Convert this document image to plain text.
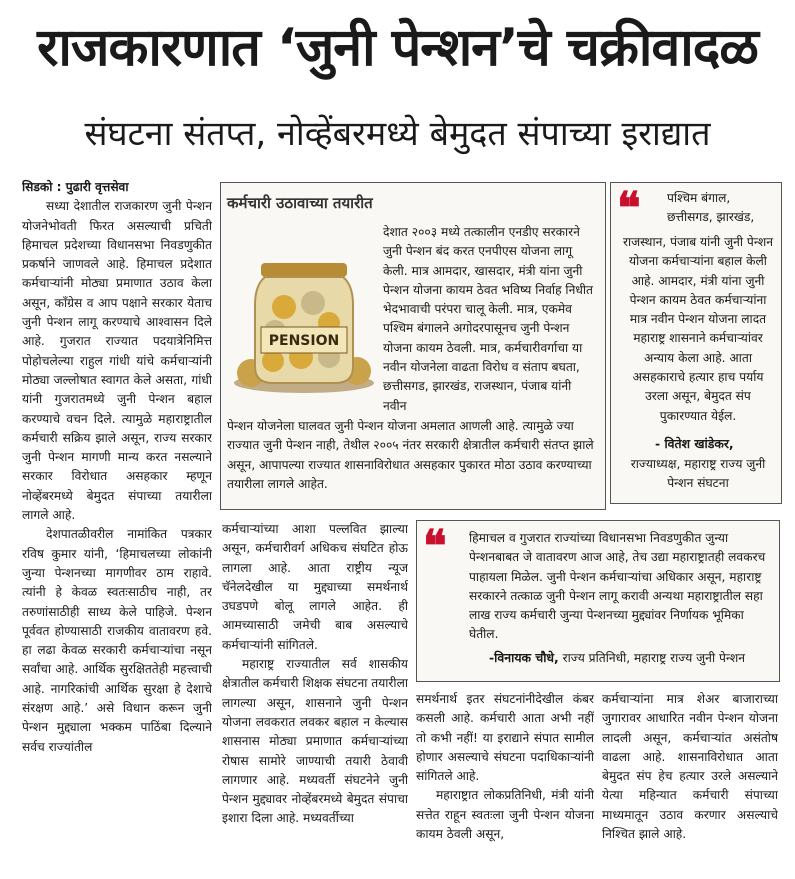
राजकारणात ‘जुनी पेन्शन’चे चक्रीवादळ
संघटना संतप्त, नोव्हेंबरमध्ये बेमुदत संपाच्या इराद्यात

सिडको : पुढारी वृत्तसेवा

सध्या देशातील राजकारण जुनी पेन्शन योजनेभोवती फिरत असल्याची प्रचिती हिमाचल प्रदेशच्या विधानसभा निवडणुकीत प्रकर्षाने जाणवले आहे. हिमाचल प्रदेशात कर्मचाऱ्यांनी मोठ्या प्रमाणात उठाव केला असून, काँग्रेस व आप पक्षाने सरकार येताच जुनी पेन्शन लागू करण्याचे आश्वासन दिले आहे. गुजरात राज्यात पदयात्रेनिमित्त पोहोचलेल्या राहुल गांधी यांचे कर्मचाऱ्यांनी मोठ्या जल्लोषात स्वागत केले असता, गांधी यांनी गुजरातमध्ये जुनी पेन्शन बहाल करण्याचे वचन दिले. त्यामुळे महाराष्ट्रातील कर्मचारी सक्रिय झाले असून, राज्य सरकार जुनी पेन्शन मागणी मान्य करत नसल्याने सरकार विरोधात असहकार म्हणून नोव्हेंबरमध्ये बेमुदत संपाच्या तयारीला लागले आहे.

देशपातळीवरील नामांकित पत्रकार रविष कुमार यांनी, ‘हिमाचलच्या लोकांनी जुन्या पेन्शनच्या मागणीवर ठाम राहावे. त्यांनी हे केवळ स्वतःसाठीच नाही, तर तरुणांसाठीही साध्य केले पाहिजे. पेन्शन पूर्ववत होण्यासाठी राजकीय वातावरण हवे. हा लढा केवळ सरकारी कर्मचाऱ्यांचा नसून सर्वांचा आहे. आर्थिक सुरक्षिततेही महत्त्वाची आहे. नागरिकांची आर्थिक सुरक्षा हे देशाचे संरक्षण आहे.’ असे विधान करून जुनी पेन्शन मुद्द्याला भक्कम पाठिंबा दिल्याने सर्वच राज्यांतील

कर्मचारी उठावाच्या तयारीत
PENSION
देशात २००३ मध्ये तत्कालीन एनडीए सरकारने जुनी पेन्शन बंद करत एनपीएस योजना लागू केली. मात्र आमदार, खासदार, मंत्री यांना जुनी पेन्शन योजना कायम ठेवत भविष्य निर्वाह निधीत भेदभावाची परंपरा चालू केली. मात्र, एकमेव पश्चिम बंगालने अगोदरपासूनच जुनी पेन्शन योजना कायम ठेवली. मात्र, कर्मचारीवर्गाचा या नवीन योजनेला वाढता विरोध व संताप बघता, छत्तीसगड, झारखंड, राजस्थान, पंजाब यांनी नवीन
पेन्शन योजनेला घालवत जुनी पेन्शन योजना अमलात आणली आहे. त्यामुळे ज्या राज्यात जुनी पेन्शन नाही, तेथील २००५ नंतर सरकारी क्षेत्रातील कर्मचारी संतप्त झाले असून, आपापल्या राज्यात शासनाविरोधात असहकार पुकारत मोठा उठाव करण्याच्या तयारीला लागले आहेत.
❝ पश्चिम बंगाल, छत्तीसगड, झारखंड,
राजस्थान, पंजाब यांनी जुनी पेन्शन योजना कर्मचाऱ्यांना बहाल केली आहे. आमदार, मंत्री यांना जुनी पेन्शन कायम ठेवत कर्मचाऱ्यांना मात्र नवीन पेन्शन योजना लादत महाराष्ट्र शासनाने कर्मचाऱ्यांवर अन्याय केला आहे. आता असहकाराचे हत्यार हाच पर्याय उरला असून, बेमुदत संप पुकारण्यात येईल.
- वितेश खांडेकर,
राज्याध्यक्ष, महाराष्ट्र राज्य जुनी पेन्शन संघटना

कर्मचाऱ्यांच्या आशा पल्लवित झाल्या असून, कर्मचारीवर्ग अधिकच संघटित होऊ लागला आहे. आता राष्ट्रीय न्यूज चॅनेलदेखील या मुद्द्याच्या समर्थनार्थ उघडपणे बोलू लागले आहेत. ही आमच्यासाठी जमेची बाब असल्याचे कर्मचाऱ्यांनी सांगितले.

महाराष्ट्र राज्यातील सर्व शासकीय क्षेत्रातील कर्मचारी शिक्षक संघटना तयारीला लागल्या असून, शासनाने जुनी पेन्शन योजना लवकरात लवकर बहाल न केल्यास शासनास मोठ्या प्रमाणात कर्मचाऱ्यांच्या रोषास सामोरे जाण्याची तयारी ठेवावी लागणार आहे. मध्यवर्ती संघटनेने जुनी पेन्शन मुद्द्यावर नोव्हेंबरमध्ये बेमुदत संपाचा इशारा दिला आहे. मध्यवर्तीच्या

❝ हिमाचल व गुजरात राज्यांच्या विधानसभा निवडणुकीत जुन्या पेन्शनबाबत जे वातावरण आज आहे, तेच उद्या महाराष्ट्रातही लवकरच पाहायला मिळेल. जुनी पेन्शन कर्मचाऱ्यांचा अधिकार असून, महाराष्ट्र सरकारने तत्काळ जुनी पेन्शन लागू करावी अन्यथा महाराष्ट्रातील सहा लाख राज्य कर्मचारी जुन्या पेन्शनच्या मुद्द्यांवर निर्णायक भूमिका घेतील.
-विनायक चौधे, राज्य प्रतिनिधी, महाराष्ट्र राज्य जुनी पेन्शन

समर्थनार्थ इतर संघटनांनीदेखील कंबर कसली आहे. कर्मचारी आता अभी नहीं तो कभी नहीं! या इराद्याने संपात सामील होणार असल्याचे संघटना पदाधिकाऱ्यांनी सांगितले आहे.

महाराष्ट्रात लोकप्रतिनिधी, मंत्री यांनी सत्तेत राहून स्वतःला जुनी पेन्शन योजना कायम ठेवली असून,

कर्मचाऱ्यांना मात्र शेअर बाजाराच्या जुगारावर आधारित नवीन पेन्शन योजना लादली असून, कर्मचाऱ्यांत असंतोष वाढला आहे. शासनाविरोधात आता बेमुदत संप हेच हत्यार उरले असल्याने येत्या महिन्यात कर्मचारी संपाच्या माध्यमातून उठाव करणार असल्याचे निश्चित झाले आहे.
